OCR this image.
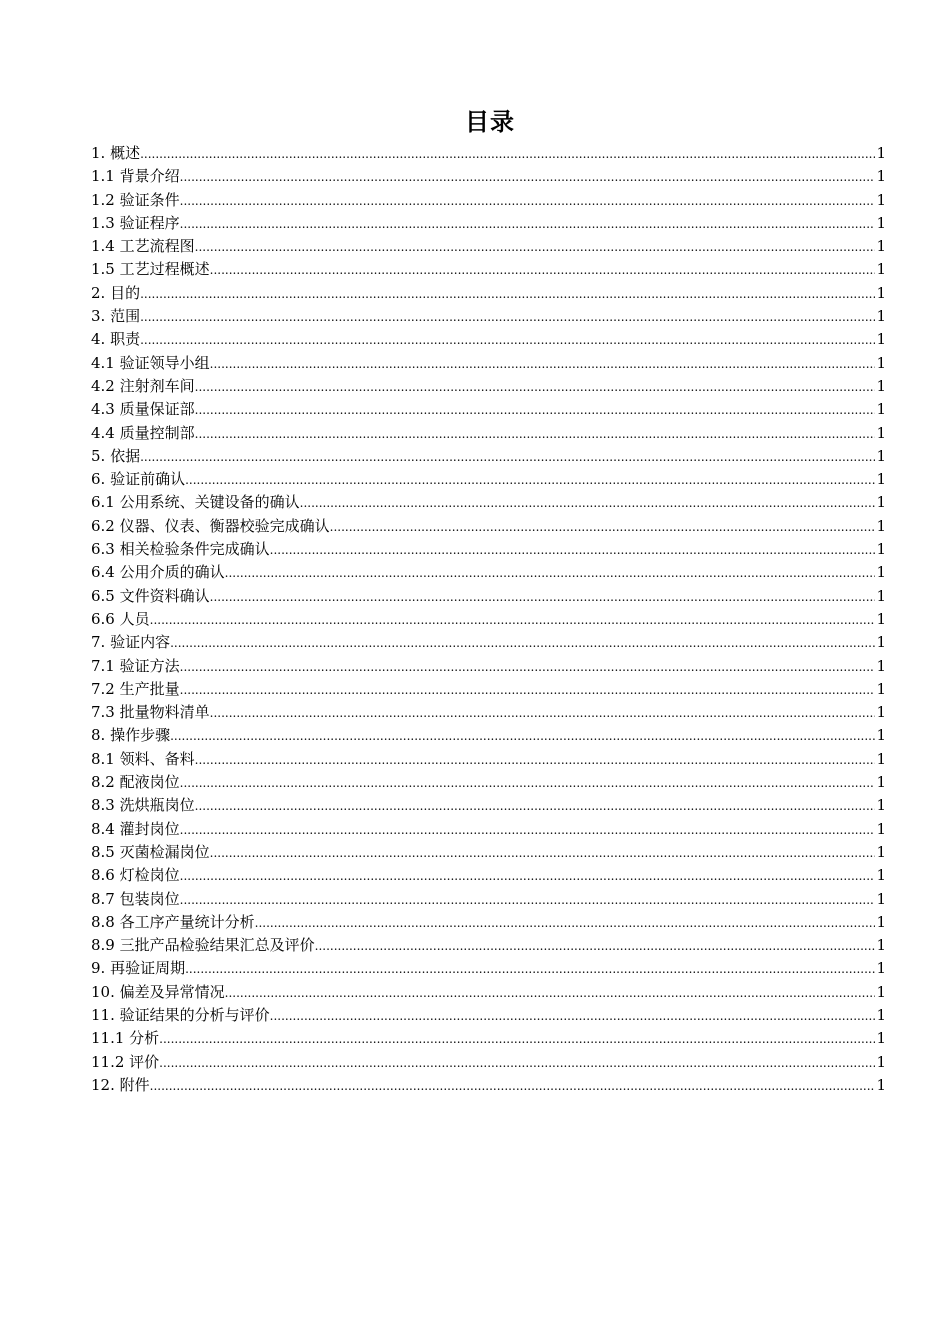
目录
1. 概述 .....	1
1.1 背景介绍 .....	1
1.2 验证条件 .....	1
1.3 验证程序 .....	1
1.4 工艺流程图 .....	1
1.5 工艺过程概述 .....	1
2. 目的 .....	1
3. 范围 .....	1
4. 职责 .....	1
4.1 验证领导小组 .....	1
4.2 注射剂车间 .....	1
4.3 质量保证部 .....	1
4.4 质量控制部 .....	1
5. 依据 .....	1
6. 验证前确认 .....	1
6.1 公用系统、关键设备的确认 .....	1
6.2 仪器、仪表、衡器校验完成确认 .....	1
6.3 相关检验条件完成确认 .....	1
6.4 公用介质的确认 .....	1
6.5 文件资料确认 .....	1
6.6 人员 .....	1
7. 验证内容 .....	1
7.1 验证方法 .....	1
7.2 生产批量 .....	1
7.3 批量物料清单 .....	1
8. 操作步骤 .....	1
8.1 领料、备料 .....	1
8.2 配液岗位 .....	1
8.3 洗烘瓶岗位 .....	1
8.4 灌封岗位 .....	1
8.5 灭菌检漏岗位 .....	1
8.6 灯检岗位 .....	1
8.7 包装岗位 .....	1
8.8 各工序产量统计分析 .....	1
8.9 三批产品检验结果汇总及评价 .....	1
9. 再验证周期 .....	1
10. 偏差及异常情况 .....	1
11. 验证结果的分析与评价 .....	1
11.1 分析 .....	1
11.2 评价 .....	1
12. 附件 .....	1
